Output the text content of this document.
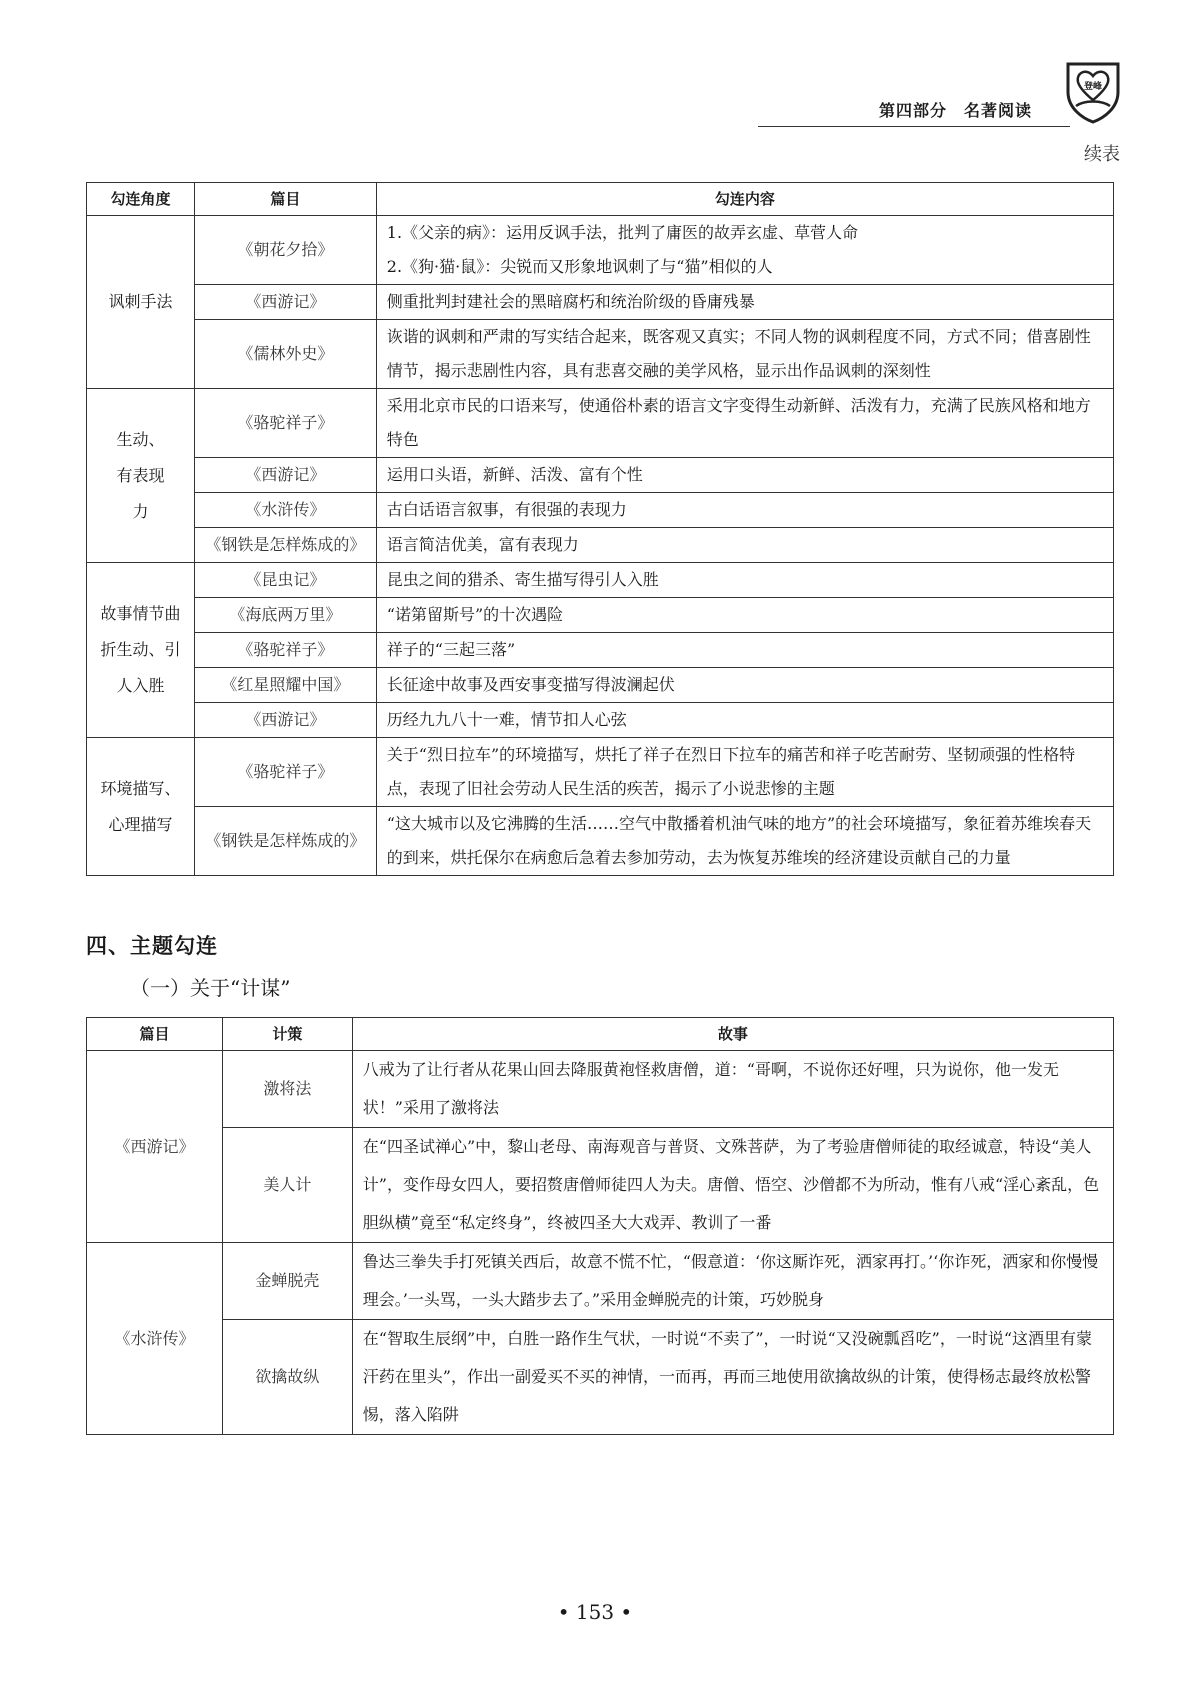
第四部分　名著阅读
登峰
续表
勾连角度	篇目	勾连内容
讽刺手法	《朝花夕拾》	1.《父亲的病》：运用反讽手法，批判了庸医的故弄玄虚、草菅人命
2.《狗·猫·鼠》：尖锐而又形象地讽刺了与“猫”相似的人

	《西游记》	侧重批判封建社会的黑暗腐朽和统治阶级的昏庸残暴
	《儒林外史》	诙谐的讽刺和严肃的写实结合起来，既客观又真实；不同人物的讽刺程度不同，方式不同；借喜剧性情节，揭示悲剧性内容，具有悲喜交融的美学风格，显示出作品讽刺的深刻性
生动、有表现力	《骆驼祥子》	采用北京市民的口语来写，使通俗朴素的语言文字变得生动新鲜、活泼有力，充满了民族风格和地方特色
	《西游记》	运用口头语，新鲜、活泼、富有个性
	《水浒传》	古白话语言叙事，有很强的表现力
	《钢铁是怎样炼成的》	语言简洁优美，富有表现力
故事情节曲折生动、引人入胜	《昆虫记》	昆虫之间的猎杀、寄生描写得引人入胜
	《海底两万里》	“诺第留斯号”的十次遇险
	《骆驼祥子》	祥子的“三起三落”
	《红星照耀中国》	长征途中故事及西安事变描写得波澜起伏
	《西游记》	历经九九八十一难，情节扣人心弦
环境描写、心理描写	《骆驼祥子》	关于“烈日拉车”的环境描写，烘托了祥子在烈日下拉车的痛苦和祥子吃苦耐劳、坚韧顽强的性格特点，表现了旧社会劳动人民生活的疾苦，揭示了小说悲惨的主题
	《钢铁是怎样炼成的》	“这大城市以及它沸腾的生活……空气中散播着机油气味的地方”的社会环境描写，象征着苏维埃春天的到来，烘托保尔在病愈后急着去参加劳动，去为恢复苏维埃的经济建设贡献自己的力量
四、主题勾连
（一）关于“计谋”
篇目	计策	故事
《西游记》	激将法	八戒为了让行者从花果山回去降服黄袍怪救唐僧，道：“哥啊，不说你还好哩，只为说你，他一发无状！”采用了激将法
	美人计	在“四圣试禅心”中，黎山老母、南海观音与普贤、文殊菩萨，为了考验唐僧师徒的取经诚意，特设“美人计”，变作母女四人，要招赘唐僧师徒四人为夫。唐僧、悟空、沙僧都不为所动，惟有八戒“淫心紊乱，色胆纵横”竟至“私定终身”，终被四圣大大戏弄、教训了一番
《水浒传》	金蝉脱壳	鲁达三拳失手打死镇关西后，故意不慌不忙，“假意道：‘你这厮诈死，洒家再打。’‘你诈死，洒家和你慢慢理会。’一头骂，一头大踏步去了。”采用金蝉脱壳的计策，巧妙脱身
	欲擒故纵	在“智取生辰纲”中，白胜一路作生气状，一时说“不卖了”，一时说“又没碗瓢舀吃”，一时说“这酒里有蒙汗药在里头”，作出一副爱买不买的神情，一而再，再而三地使用欲擒故纵的计策，使得杨志最终放松警惕，落入陷阱
• 153 •
